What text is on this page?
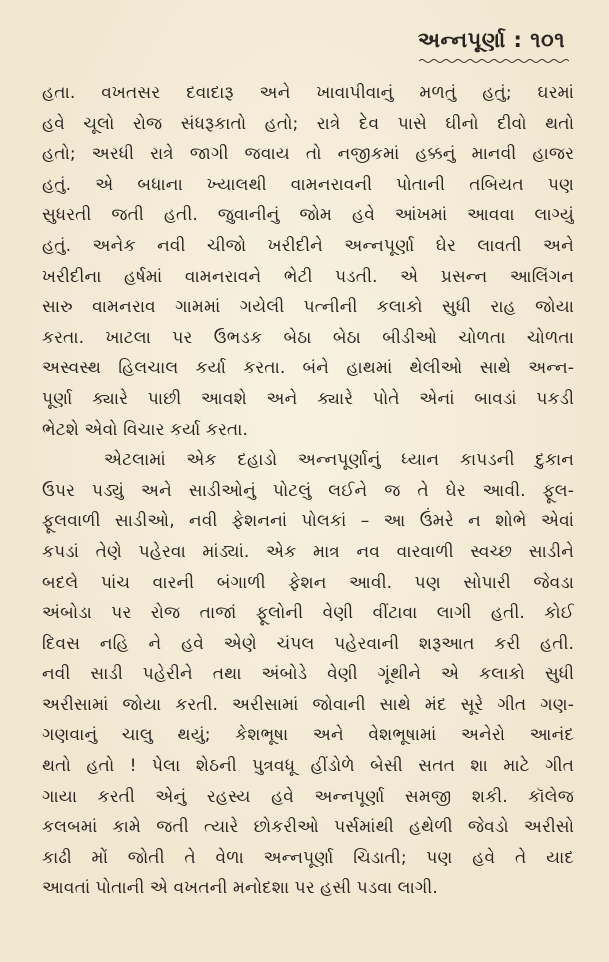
અન્નપૂર્ણા : ૧૦૧
હતા. વખતસર દવાદારૂ અને ખાવાપીવાનું મળતું હતું; ઘરમાં
હવે ચૂલો રોજ સંધરૂકાતો હતો; રાત્રે દેવ પાસે ઘીનો દીવો થતો
હતો; અરધી રાત્રે જાગી જવાય તો નજીકમાં હક્કનું માનવી હાજર
હતું. એ બધાના ખ્યાલથી વામનરાવની પોતાની તબિયત પણ
સુધરતી જતી હતી. જુવાનીનું જોમ હવે આંખમાં આવવા લાગ્યું
હતું. અનેક નવી ચીજો ખરીદીને અન્નપૂર્ણા ઘેર લાવતી અને
ખરીદીના હર્ષમાં વામનરાવને ભેટી પડતી. એ પ્રસન્ન આલિંગન
સારુ વામનરાવ ગામમાં ગયેલી પત્નીની કલાકો સુધી રાહ જોયા
કરતા. ખાટલા પર ઉભડક બેઠા બેઠા બીડીઓ ચોળતા ચોળતા
અસ્વસ્થ હિલચાલ કર્યા કરતા. બંને હાથમાં થેલીઓ સાથે અન્ન-
પૂર્ણા ક્યારે પાછી આવશે અને ક્યારે પોતે એનાં બાવડાં પકડી
ભેટશે એવો વિચાર કર્યા કરતા.
એટલામાં એક દહાડો અન્નપૂર્ણાનું ધ્યાન કાપડની દુકાન
ઉપર પડ્યું અને સાડીઓનું પોટલું લઈને જ તે ઘેર આવી. ફૂલ-
ફૂલવાળી સાડીઓ, નવી ફેશનનાં પોલકાં – આ ઉંમરે ન શોભે એવાં
કપડાં તેણે પહેરવા માંડ્યાં. એક માત્ર નવ વારવાળી સ્વચ્છ સાડીને
બદલે પાંચ વારની બંગાળી ફેશન આવી. પણ સોપારી જેવડા
અંબોડા પર રોજ તાજાં ફૂલોની વેણી વીંટાવા લાગી હતી. કોઈ
દિવસ નહિ ને હવે એણે ચંપલ પહેરવાની શરૂઆત કરી હતી.
નવી સાડી પહેરીને તથા અંબોડે વેણી ગૂંથીને એ કલાકો સુધી
અરીસામાં જોયા કરતી. અરીસામાં જોવાની સાથે મંદ સૂરે ગીત ગણ-
ગણવાનું ચાલુ થયું; કેશભૂષા અને વેશભૂષામાં અનેરો આનંદ
થતો હતો ! પેલા શેઠની પુત્રવધૂ હીંડોળે બેસી સતત શા માટે ગીત
ગાયા કરતી એનું રહસ્ય હવે અન્નપૂર્ણા સમજી શકી. કૉલેજ
કલબમાં કામે જતી ત્યારે છોકરીઓ પર્સમાંથી હથેળી જેવડો અરીસો
કાઢી મોં જોતી તે વેળા અન્નપૂર્ણા ચિડાતી; પણ હવે તે યાદ
આવતાં પોતાની એ વખતની મનોદશા પર હસી પડવા લાગી.
